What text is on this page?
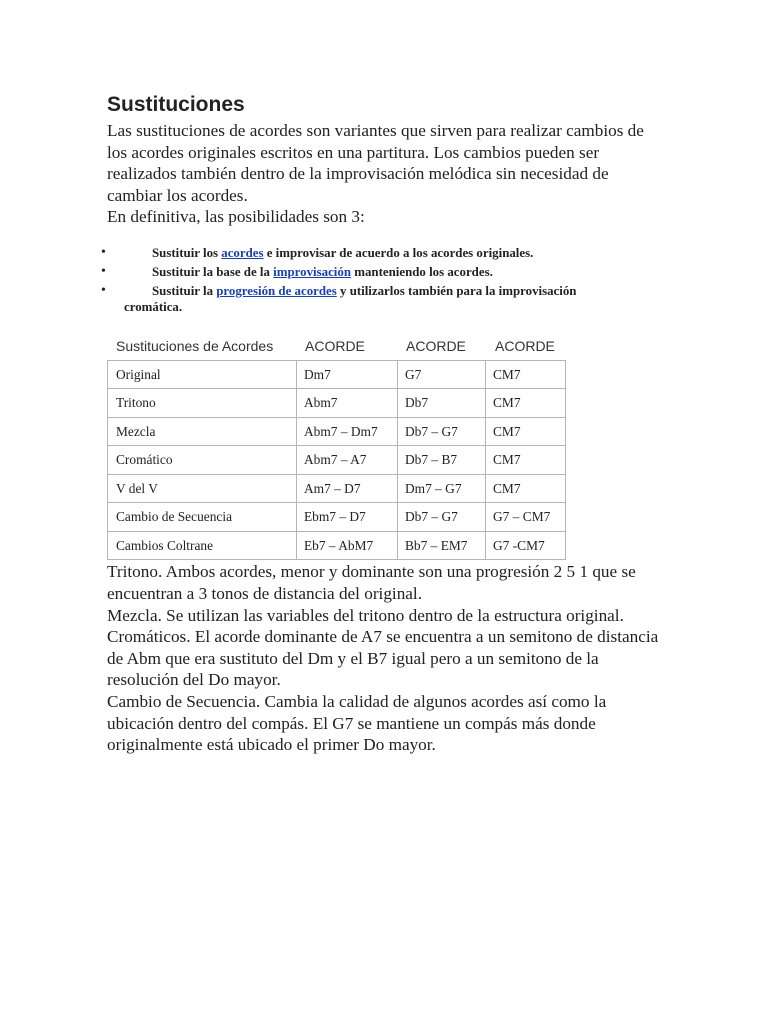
Sustituciones

Las sustituciones de acordes son variantes que sirven para realizar cambios de los acordes originales escritos en una partitura. Los cambios pueden ser realizados también dentro de la improvisación melódica sin necesidad de cambiar los acordes.

En definitiva, las posibilidades son 3:

•	Sustituir los acordes e improvisar de acuerdo a los acordes originales.
•	Sustituir la base de la improvisación manteniendo los acordes.
•	Sustituir la progresión de acordes y utilizarlos también para la improvisación
cromática.
Sustituciones de Acordes	ACORDE	ACORDE	ACORDE
Original	Dm7	G7	CM7
Tritono	Abm7	Db7	CM7
Mezcla	Abm7 – Dm7	Db7 – G7	CM7
Cromático	Abm7 – A7	Db7 – B7	CM7
V del V	Am7 – D7	Dm7 – G7	CM7
Cambio de Secuencia	Ebm7 – D7	Db7 – G7	G7 – CM7
Cambios Coltrane	Eb7 – AbM7	Bb7 – EM7	G7 -CM7

Tritono. Ambos acordes, menor y dominante son una progresión 2 5 1 que se encuentran a 3 tonos de distancia del original.

Mezcla. Se utilizan las variables del tritono dentro de la estructura original.

Cromáticos. El acorde dominante de A7 se encuentra a un semitono de distancia de Abm que era sustituto del Dm y el B7 igual pero a un semitono de la resolución del Do mayor.

Cambio de Secuencia. Cambia la calidad de algunos acordes así como la ubicación dentro del compás. El G7 se mantiene un compás más donde originalmente está ubicado el primer Do mayor.
